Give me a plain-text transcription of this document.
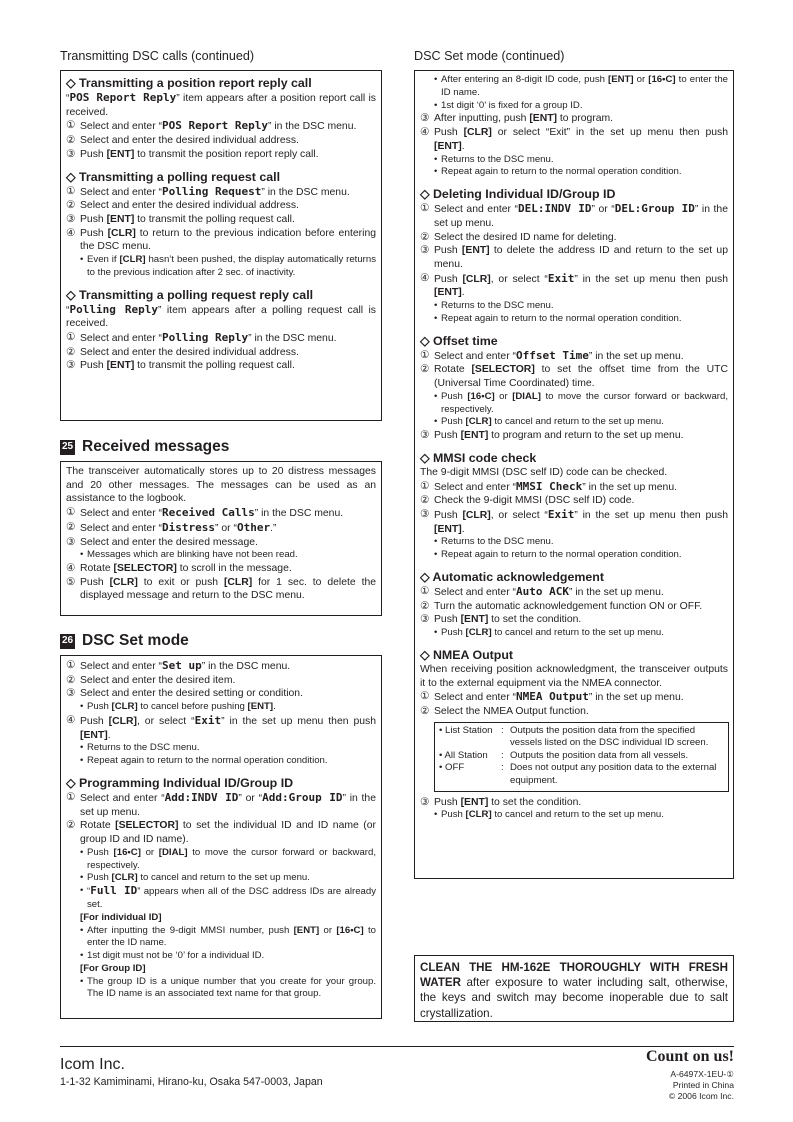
Transmitting DSC calls (continued)	DSC Set mode (continued)
◇ Transmitting a position report reply call
“POS Report Reply” item appears after a position report call is received.
① Select and enter “POS Report Reply” in the DSC menu.
② Select and enter the desired individual address.
③ Push [ENT] to transmit the position report reply call.
◇ Transmitting a polling request call
① Select and enter “Polling Request” in the DSC menu.
② Select and enter the desired individual address.
③ Push [ENT] to transmit the polling request call.
④ Push [CLR] to return to the previous indication before entering the DSC menu.
• Even if [CLR] hasn’t been pushed, the display automatically returns to the previous indication after 2 sec. of inactivity.
◇ Transmitting a polling request reply call
“Polling Reply” item appears after a polling request call is received.
① Select and enter “Polling Reply” in the DSC menu.
② Select and enter the desired individual address.
③ Push [ENT] to transmit the polling request call.
25 Received messages
The transceiver automatically stores up to 20 distress messages and 20 other messages. The messages can be used as an assistance to the logbook.
① Select and enter “Received Calls” in the DSC menu.
② Select and enter “Distress” or “Other.”
③ Select and enter the desired message.
• Messages which are blinking have not been read.
④ Rotate [SELECTOR] to scroll in the message.
⑤ Push [CLR] to exit or push [CLR] for 1 sec. to delete the displayed message and return to the DSC menu.
26 DSC Set mode
① Select and enter “Set up” in the DSC menu.
② Select and enter the desired item.
③ Select and enter the desired setting or condition.
• Push [CLR] to cancel before pushing [ENT].
④ Push [CLR], or select “Exit” in the set up menu then push [ENT].
• Returns to the DSC menu.
• Repeat again to return to the normal operation condition.
◇ Programming Individual ID/Group ID
① Select and enter “Add:INDV ID” or “Add:Group ID” in the set up menu.
② Rotate [SELECTOR] to set the individual ID and ID name (or group ID and ID name).
• Push [16•C] or [DIAL] to move the cursor forward or backward, respectively.
• Push [CLR] to cancel and return to the set up menu.
• “Full ID” appears when all of the DSC address IDs are already set.
[For individual ID]
• After inputting the 9-digit MMSI number, push [ENT] or [16•C] to enter the ID name.
• 1st digit must not be ‘0’ for a individual ID.
[For Group ID]
• The group ID is a unique number that you create for your group. The ID name is an associated text name for that group.
• After entering an 8-digit ID code, push [ENT] or [16•C] to enter the ID name.
• 1st digit ‘0’ is fixed for a group ID.
③ After inputting, push [ENT] to program.
④ Push [CLR] or select “Exit” in the set up menu then push [ENT].
• Returns to the DSC menu.
• Repeat again to return to the normal operation condition.
◇ Deleting Individual ID/Group ID
① Select and enter “DEL:INDV ID” or “DEL:Group ID” in the set up menu.
② Select the desired ID name for deleting.
③ Push [ENT] to delete the address ID and return to the set up menu.
④ Push [CLR], or select “Exit” in the set up menu then push [ENT].
• Returns to the DSC menu.
• Repeat again to return to the normal operation condition.
◇ Offset time
① Select and enter “Offset Time” in the set up menu.
② Rotate [SELECTOR] to set the offset time from the UTC (Universal Time Coordinated) time.
• Push [16•C] or [DIAL] to move the cursor forward or backward, respectively.
• Push [CLR] to cancel and return to the set up menu.
③ Push [ENT] to program and return to the set up menu.
◇ MMSI code check
The 9-digit MMSI (DSC self ID) code can be checked.
① Select and enter “MMSI Check” in the set up menu.
② Check the 9-digit MMSI (DSC self ID) code.
③ Push [CLR], or select “Exit” in the set up menu then push [ENT].
• Returns to the DSC menu.
• Repeat again to return to the normal operation condition.
◇ Automatic acknowledgement
① Select and enter “Auto ACK” in the set up menu.
② Turn the automatic acknowledgement function ON or OFF.
③ Push [ENT] to set the condition.
• Push [CLR] to cancel and return to the set up menu.
◇ NMEA Output
When receiving position acknowledgment, the transceiver outputs it to the external equipment via the NMEA connector.
① Select and enter “NMEA Output” in the set up menu.
② Select the NMEA Output function.
• List Station : Outputs the position data from the specified vessels listed on the DSC individual ID screen.
• All Station	: Outputs the position data from all vessels.
• OFF	: Does not output any position data to the external equipment.
③ Push [ENT] to set the condition.
• Push [CLR] to cancel and return to the set up menu.
CLEAN THE HM-162E THOROUGHLY WITH FRESH WATER after exposure to water including salt, otherwise, the keys and switch may become inoperable due to salt crystallization.
Icom Inc.
1-1-32 Kamiminami, Hirano-ku, Osaka 547-0003, Japan
Count on us!
A-6497X-1EU-①
Printed in China
© 2006 Icom Inc.
